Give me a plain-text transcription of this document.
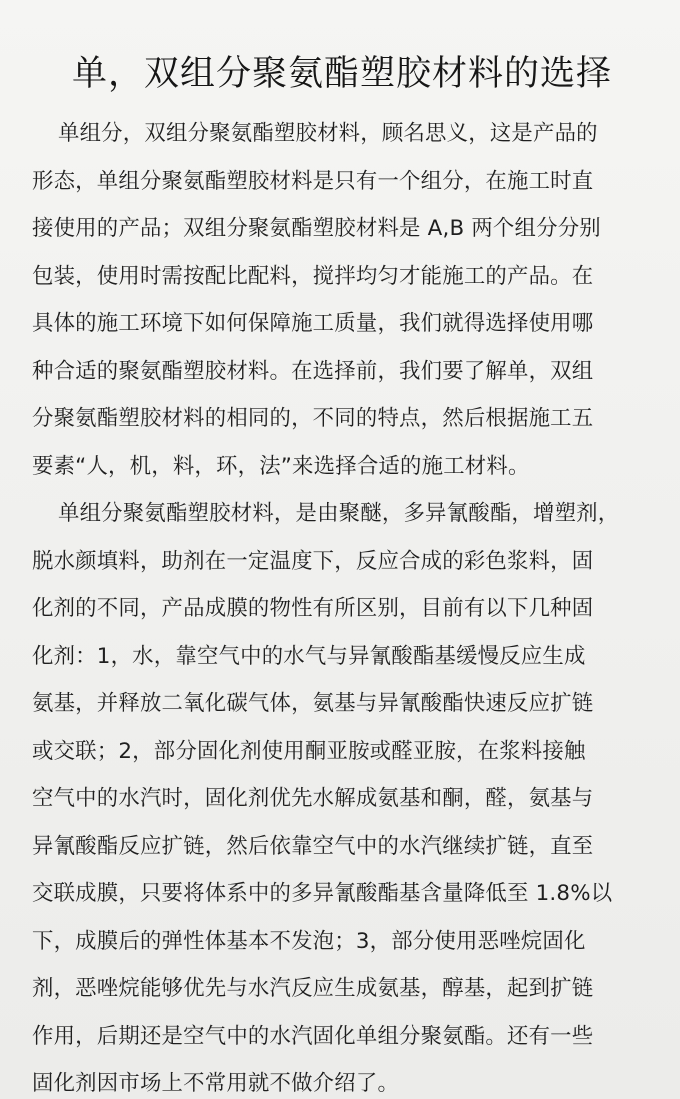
单，双组分聚氨酯塑胶材料的选择
单组分，双组分聚氨酯塑胶材料，顾名思义，这是产品的
形态，单组分聚氨酯塑胶材料是只有一个组分，在施工时直
接使用的产品；双组分聚氨酯塑胶材料是 A,B 两个组分分别
包装，使用时需按配比配料，搅拌均匀才能施工的产品。在
具体的施工环境下如何保障施工质量，我们就得选择使用哪
种合适的聚氨酯塑胶材料。在选择前，我们要了解单，双组
分聚氨酯塑胶材料的相同的，不同的特点，然后根据施工五
要素“人，机，料，环，法”来选择合适的施工材料。
单组分聚氨酯塑胶材料，是由聚醚，多异氰酸酯，增塑剂，
脱水颜填料，助剂在一定温度下，反应合成的彩色浆料，固
化剂的不同，产品成膜的物性有所区别，目前有以下几种固
化剂：1，水，靠空气中的水气与异氰酸酯基缓慢反应生成
氨基，并释放二氧化碳气体，氨基与异氰酸酯快速反应扩链
或交联；2，部分固化剂使用酮亚胺或醛亚胺，在浆料接触
空气中的水汽时，固化剂优先水解成氨基和酮，醛，氨基与
异氰酸酯反应扩链，然后依靠空气中的水汽继续扩链，直至
交联成膜，只要将体系中的多异氰酸酯基含量降低至 1.8%以
下，成膜后的弹性体基本不发泡；3，部分使用恶唑烷固化
剂，恶唑烷能够优先与水汽反应生成氨基，醇基，起到扩链
作用，后期还是空气中的水汽固化单组分聚氨酯。还有一些
固化剂因市场上不常用就不做介绍了。
